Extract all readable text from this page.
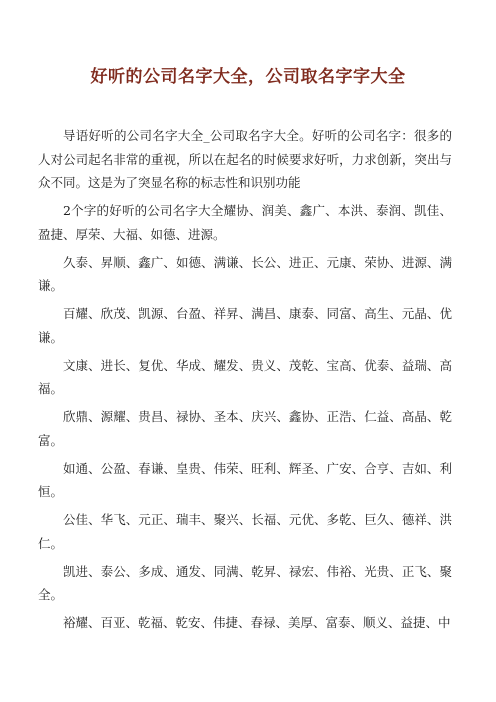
好听的公司名字大全，公司取名字字大全

导语好听的公司名字大全_公司取名字大全。好听的公司名字：很多的人对公司起名非常的重视，所以在起名的时候要求好听，力求创新，突出与众不同。这是为了突显名称的标志性和识别功能

2个字的好听的公司名字大全耀协、润美、鑫广、本洪、泰润、凯佳、盈捷、厚荣、大福、如德、进源。

久泰、昇顺、鑫广、如德、满谦、长公、进正、元康、荣协、进源、满谦。

百耀、欣茂、凯源、台盈、祥昇、满昌、康泰、同富、高生、元晶、优谦。

文康、进长、复优、华成、耀发、贵义、茂乾、宝高、优泰、益瑞、高福。

欣鼎、源耀、贵昌、禄协、圣本、庆兴、鑫协、正浩、仁益、高晶、乾富。

如通、公盈、春谦、皇贵、伟荣、旺利、辉圣、广安、合亨、吉如、利恒。

公佳、华飞、元正、瑞丰、聚兴、长福、元优、多乾、巨久、德祥、洪仁。

凯进、泰公、多成、通发、同满、乾昇、禄宏、伟裕、光贵、正飞、聚全。

裕耀、百亚、乾福、乾安、伟捷、春禄、美厚、富泰、顺义、益捷、中
